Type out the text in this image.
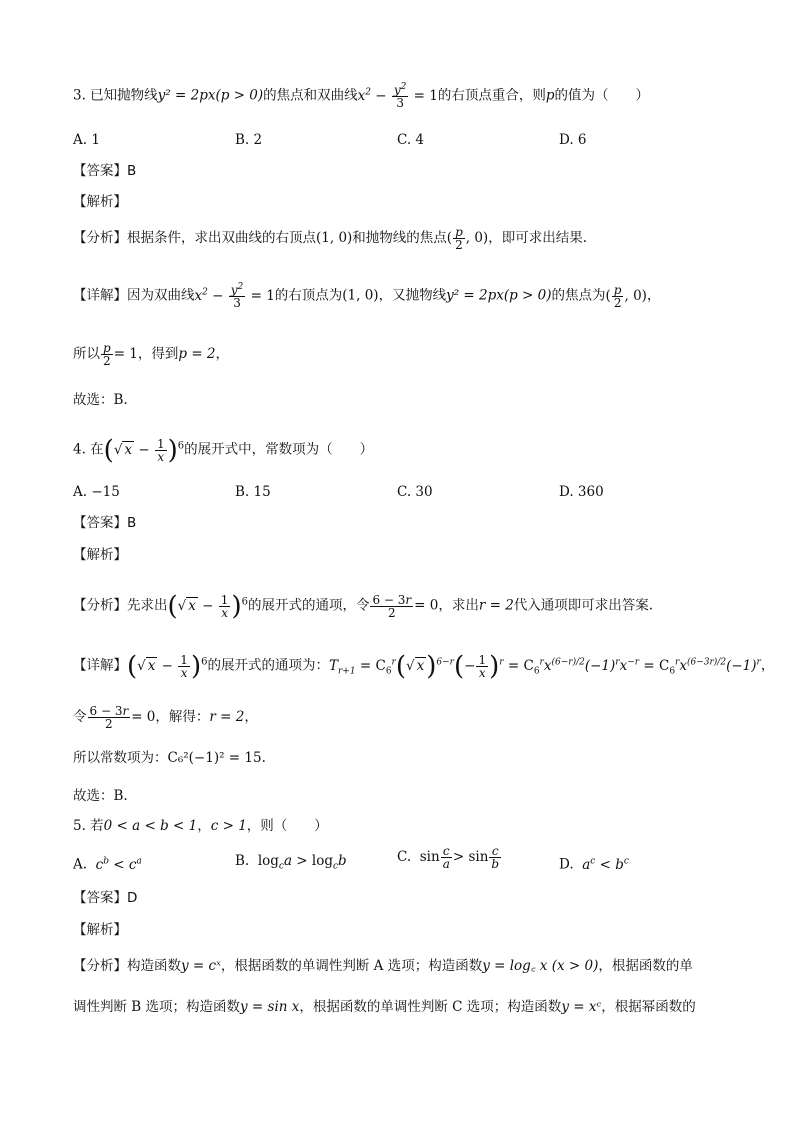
3. 已知抛物线y² = 2px(p > 0)的焦点和双曲线$x^2 - \frac{y^2}{3} = 1$的右顶点重合，则p的值为（　　）
A. 1	B. 2	C. 4	D. 6
【答案】B
【解析】
【分析】根据条件，求出双曲线的右顶点(1, 0)和抛物线的焦点( $\frac{p}{2}$ , 0)，即可求出结果.
【详解】因为双曲线$x^2 - \frac{y^2}{3} = 1$的右顶点为(1, 0)，又抛物线y² = 2px(p > 0)的焦点为( $\frac{p}{2}$ , 0)，
所以 $\frac{p}{2} = 1$，得到p = 2，
故选：B.
4. 在(√ $x - \frac{1}{x} )^6$的展开式中，常数项为（　　）
A. −15	B. 15	C. 30	D. 360
【答案】B
【解析】
【分析】先求出(√ $x - \frac{1}{x} )^6$的展开式的通项，令 $\frac{6 - 3r}{2} = 0$，求出r = 2代入通项即可求出答案.
【详解】(√ $x - \frac{1}{x} )^6$的展开式的通项为：$T_{r+1} = C_6^r(√$ $x)^{6-r}(- \frac{1}{x} )^r = C_6^rx^{(6-r)/2}(-1)^rx^{-r} = C_6^rx^{(6-3r)/2}(-1)^r$，
令 $\frac{6 - 3r}{2} = 0$，解得：r = 2，
所以常数项为：C₆²(−1)² = 15.
故选：B.
5. 若0 < a < b < 1，c > 1，则（　　）
A. $c^b < c^a$	B. $\log_ca > \log_cb$	C. $\sin \frac{c}{a} > \sin \frac{c}{b}$	D. $a^c < b^c$
【答案】D
【解析】
【分析】构造函数y = cˣ，根据函数的单调性判断 A 选项；构造函数y = log꜀ x (x > 0)，根据函数的单
调性判断 B 选项；构造函数y = sin x，根据函数的单调性判断 C 选项；构造函数y = xᶜ，根据幂函数的
